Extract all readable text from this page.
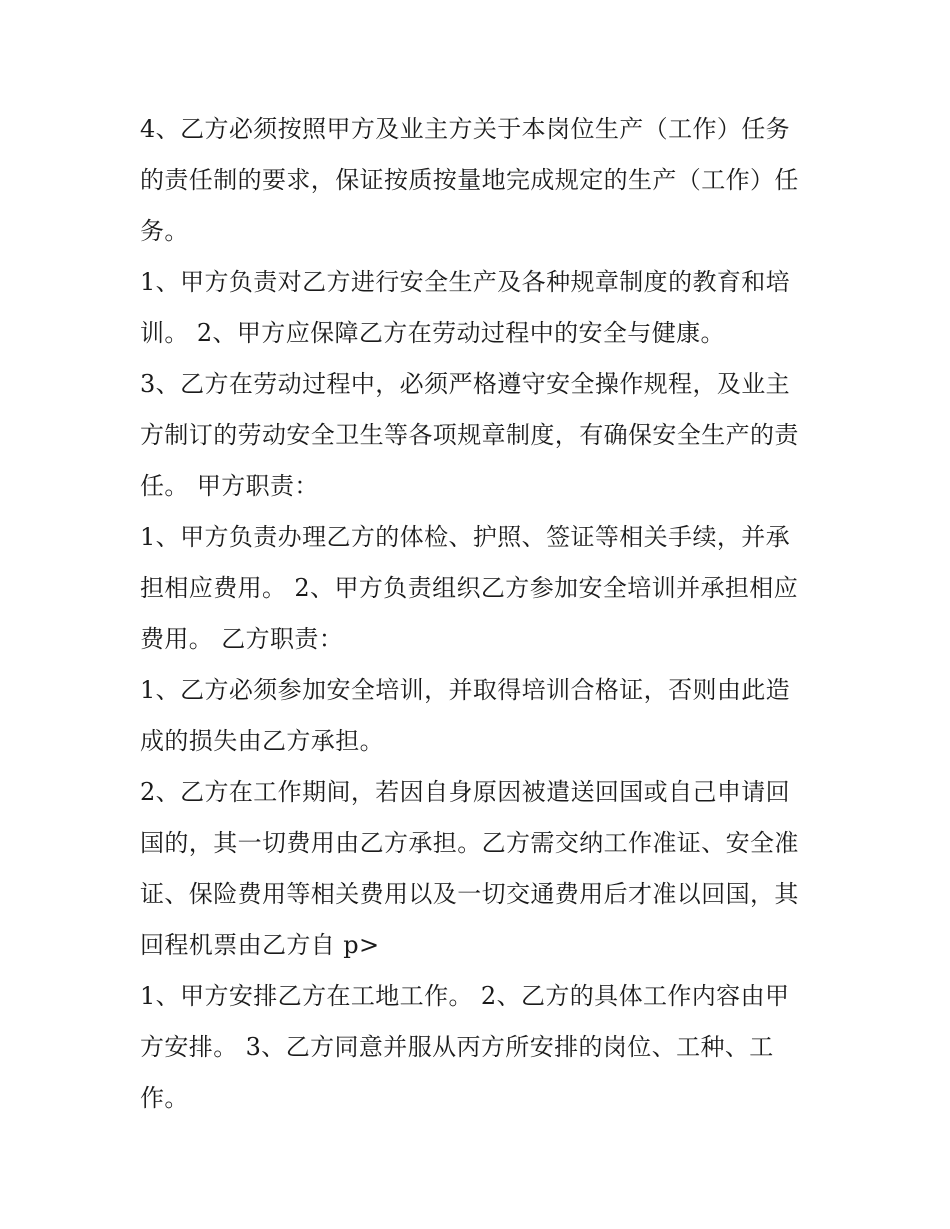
4、乙方必须按照甲方及业主方关于本岗位生产（工作）任务
的责任制的要求，保证按质按量地完成规定的生产（工作）任
务。

1、甲方负责对乙方进行安全生产及各种规章制度的教育和培
训。 2、甲方应保障乙方在劳动过程中的安全与健康。

3、乙方在劳动过程中，必须严格遵守安全操作规程，及业主
方制订的劳动安全卫生等各项规章制度，有确保安全生产的责
任。 甲方职责：

1、甲方负责办理乙方的体检、护照、签证等相关手续，并承
担相应费用。 2、甲方负责组织乙方参加安全培训并承担相应
费用。 乙方职责：

1、乙方必须参加安全培训，并取得培训合格证，否则由此造
成的损失由乙方承担。

2、乙方在工作期间，若因自身原因被遣送回国或自己申请回
国的，其一切费用由乙方承担。乙方需交纳工作准证、安全准
证、保险费用等相关费用以及一切交通费用后才准以回国，其
回程机票由乙方自 p>

1、甲方安排乙方在工地工作。 2、乙方的具体工作内容由甲
方安排。 3、乙方同意并服从丙方所安排的岗位、工种、工
作。
